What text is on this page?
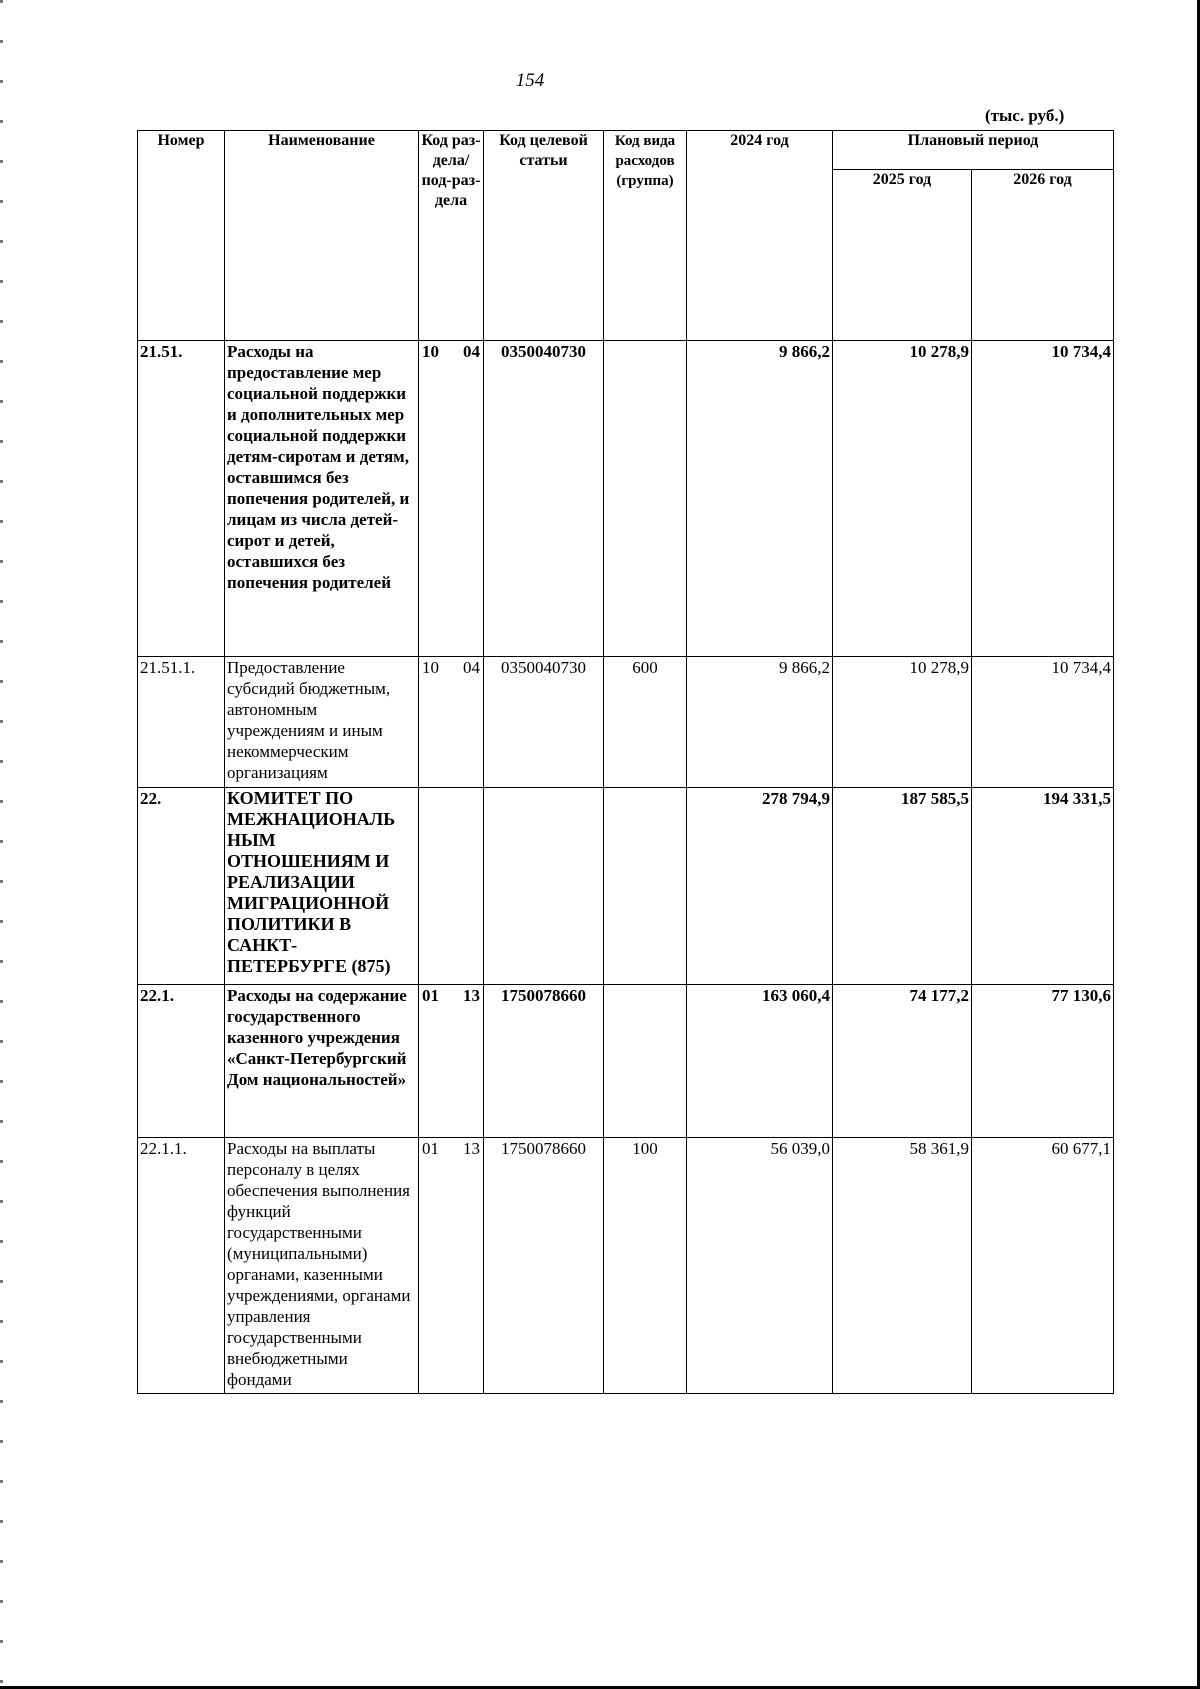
154
(тыс. руб.)
Номер	Наименование	Код раз-дела/ под-раз-дела	Код целевой статьи	Код вида расходов (группа)	2024 год	Плановый период	
						2025 год	2026 год
21.51.	Расходы на предоставление мер социальной поддержки и дополнительных мер социальной поддержки детям-сиротам и детям, оставшимся без попечения родителей, и лицам из числа детей-сирот и детей, оставшихся без попечения родителей	10 04	0350040730		9 866,2	10 278,9	10 734,4
21.51.1.	Предоставление субсидий бюджетным, автономным учреждениям и иным некоммерческим организациям	10 04	0350040730	600	9 866,2	10 278,9	10 734,4
22.	КОМИТЕТ ПО МЕЖНАЦИОНАЛЬ НЫМ ОТНОШЕНИЯМ И РЕАЛИЗАЦИИ МИГРАЦИОННОЙ ПОЛИТИКИ В САНКТ-ПЕТЕРБУРГЕ (875)				278 794,9	187 585,5	194 331,5
22.1.	Расходы на содержание государственного казенного учреждения «Санкт-Петербургский Дом национальностей»	01 13	1750078660		163 060,4	74 177,2	77 130,6
22.1.1.	Расходы на выплаты персоналу в целях обеспечения выполнения функций государственными (муниципальными) органами, казенными учреждениями, органами управления государственными внебюджетными фондами	01 13	1750078660	100	56 039,0	58 361,9	60 677,1
